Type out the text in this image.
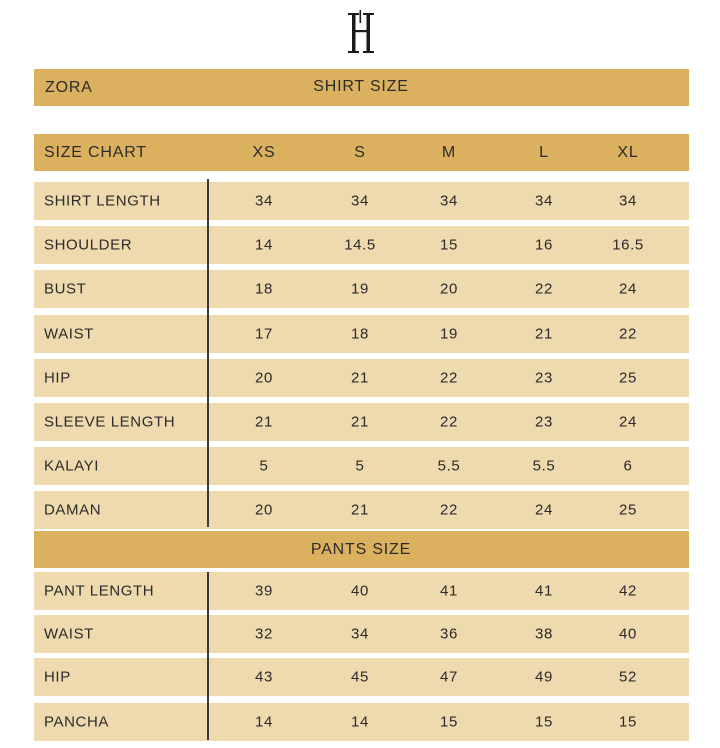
ZORA	SHIRT SIZE
SIZE CHART	XS	S	M	L	XL
SHIRT LENGTH	34	34	34	34	34
SHOULDER	14	14.5	15	16	16.5
BUST	18	19	20	22	24
WAIST	17	18	19	21	22
HIP	20	21	22	23	25
SLEEVE LENGTH	21	21	22	23	24
KALAYI	5	5	5.5	5.5	6
DAMAN	20	21	22	24	25
PANTS SIZE
PANT LENGTH	39	40	41	41	42
WAIST	32	34	36	38	40
HIP	43	45	47	49	52
PANCHA	14	14	15	15	15
